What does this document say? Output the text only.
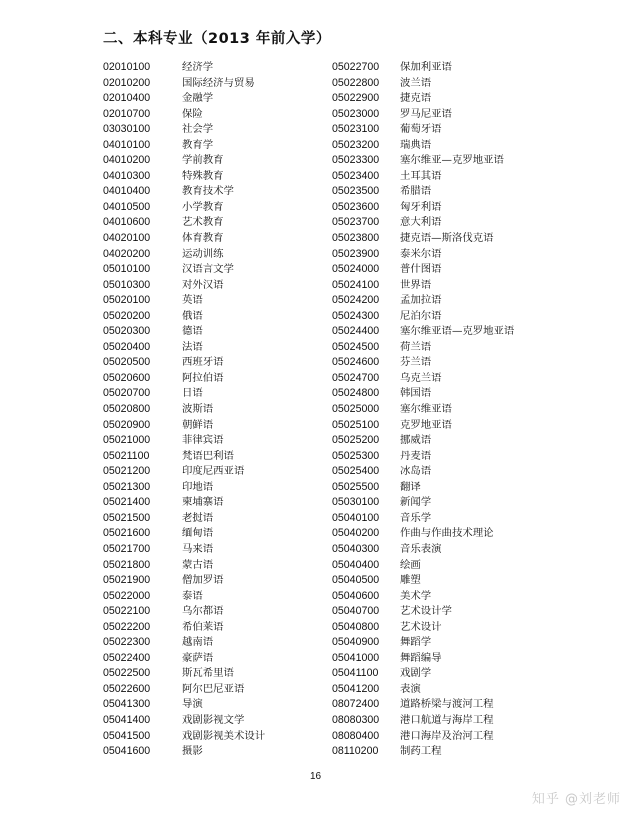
二、本科专业（2013 年前入学）
02010100	经济学
02010200	国际经济与贸易
02010400	金融学
02010700	保险
03030100	社会学
04010100	教育学
04010200	学前教育
04010300	特殊教育
04010400	教育技术学
04010500	小学教育
04010600	艺术教育
04020100	体育教育
04020200	运动训练
05010100	汉语言文学
05010300	对外汉语
05020100	英语
05020200	俄语
05020300	德语
05020400	法语
05020500	西班牙语
05020600	阿拉伯语
05020700	日语
05020800	波斯语
05020900	朝鲜语
05021000	菲律宾语
05021100	梵语巴利语
05021200	印度尼西亚语
05021300	印地语
05021400	柬埔寨语
05021500	老挝语
05021600	缅甸语
05021700	马来语
05021800	蒙古语
05021900	僧加罗语
05022000	泰语
05022100	乌尔都语
05022200	希伯莱语
05022300	越南语
05022400	豪萨语
05022500	斯瓦希里语
05022600	阿尔巴尼亚语
05041300	导演
05041400	戏剧影视文学
05041500	戏剧影视美术设计
05041600	摄影
05022700 保加利亚语
05022800 波兰语
05022900 捷克语
05023000 罗马尼亚语
05023100 葡萄牙语
05023200 瑞典语
05023300 塞尔维亚—克罗地亚语
05023400 土耳其语
05023500 希腊语
05023600 匈牙利语
05023700 意大利语
05023800 捷克语—斯洛伐克语
05023900 泰米尔语
05024000 普什图语
05024100 世界语
05024200 孟加拉语
05024300 尼泊尔语
05024400 塞尔维亚语—克罗地亚语
05024500 荷兰语
05024600 芬兰语
05024700 乌克兰语
05024800 韩国语
05025000 塞尔维亚语
05025100 克罗地亚语
05025200 挪威语
05025300 丹麦语
05025400 冰岛语
05025500 翻译
05030100 新闻学
05040100 音乐学
05040200 作曲与作曲技术理论
05040300 音乐表演
05040400 绘画
05040500 雕塑
05040600 美术学
05040700 艺术设计学
05040800 艺术设计
05040900 舞蹈学
05041000 舞蹈编导
05041100 戏剧学
05041200 表演
08072400 道路桥梁与渡河工程
08080300 港口航道与海岸工程
08080400 港口海岸及治河工程
08110200 制药工程
16
知乎 @刘老师
